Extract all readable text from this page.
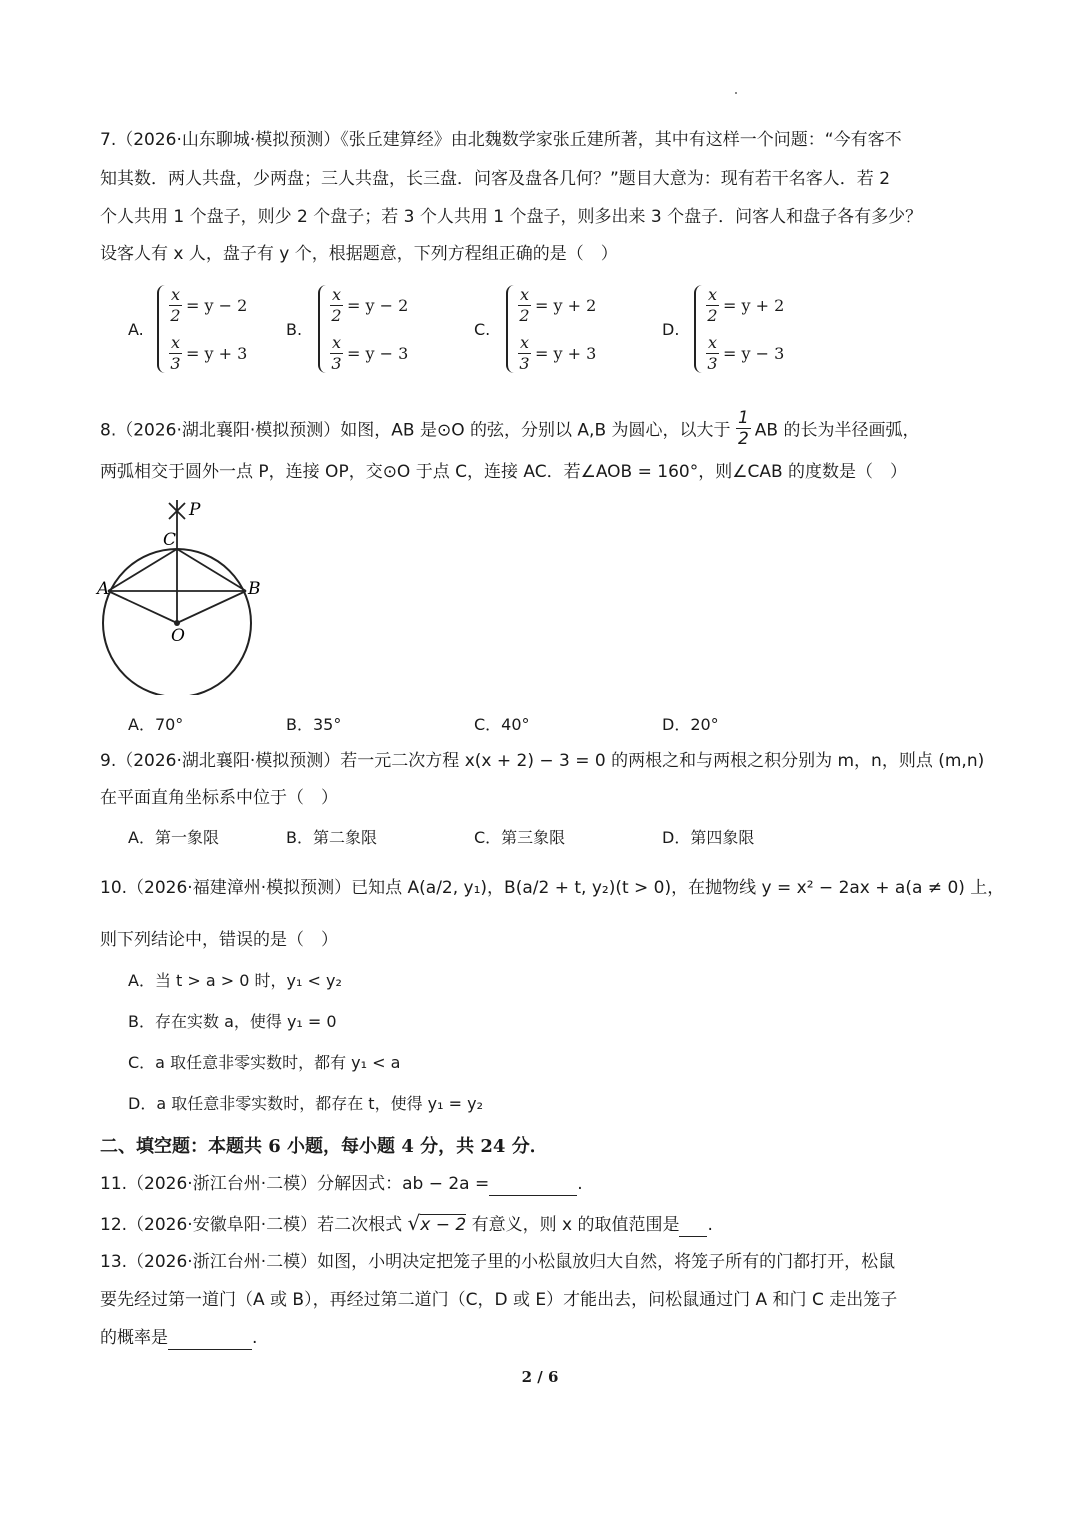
7.（2026·山东聊城·模拟预测）《张丘建算经》由北魏数学家张丘建所著，其中有这样一个问题：“今有客不
知其数．两人共盘，少两盘；三人共盘，长三盘．问客及盘各几何？”题目大意为：现有若干名客人．若 2
个人共用 1 个盘子，则少 2 个盘子；若 3 个人共用 1 个盘子，则多出来 3 个盘子．问客人和盘子各有多少？
设客人有 x 人，盘子有 y 个，根据题意，下列方程组正确的是（　）
A.
$\frac{x}{2} = y - 2$
$\frac{x}{3} = y + 3$
B.
$\frac{x}{2} = y - 2$
$\frac{x}{3} = y - 3$
C.
$\frac{x}{2} = y + 2$
$\frac{x}{3} = y + 3$
D.
$\frac{x}{2} = y + 2$
$\frac{x}{3} = y - 3$
8.（2026·湖北襄阳·模拟预测）如图，AB 是⊙O 的弦，分别以 A,B 为圆心，以大于 $\frac{1}{2}$ AB 的长为半径画弧，
两弧相交于圆外一点 P，连接 OP，交⊙O 于点 C，连接 AC．若∠AOB = 160°，则∠CAB 的度数是（　）
P
C
A	B
O
A．70°	B．35°	C．40°	D．20°
9.（2026·湖北襄阳·模拟预测）若一元二次方程 x(x + 2) − 3 = 0 的两根之和与两根之积分别为 m，n，则点 (m,n)
在平面直角坐标系中位于（　）
A．第一象限	B．第二象限	C．第三象限	D．第四象限
10.（2026·福建漳州·模拟预测）已知点 A(a/2, y₁)，B(a/2 + t, y₂)(t > 0)，在抛物线 y = x² − 2ax + a(a ≠ 0) 上，
则下列结论中，错误的是（　）
A．当 t > a > 0 时，y₁ < y₂
B．存在实数 a，使得 y₁ = 0
C．a 取任意非零实数时，都有 y₁ < a
D．a 取任意非零实数时，都存在 t，使得 y₁ = y₂
二、填空题：本题共 6 小题，每小题 4 分，共 24 分．
11.（2026·浙江台州·二模）分解因式：ab − 2a =	.
12.（2026·安徽阜阳·二模）若二次根式 √x − 2 有意义，则 x 的取值范围是 .
13.（2026·浙江台州·二模）如图，小明决定把笼子里的小松鼠放归大自然，将笼子所有的门都打开，松鼠
要先经过第一道门（A 或 B），再经过第二道门（C，D 或 E）才能出去，问松鼠通过门 A 和门 C 走出笼子
的概率是	.
2 / 6
